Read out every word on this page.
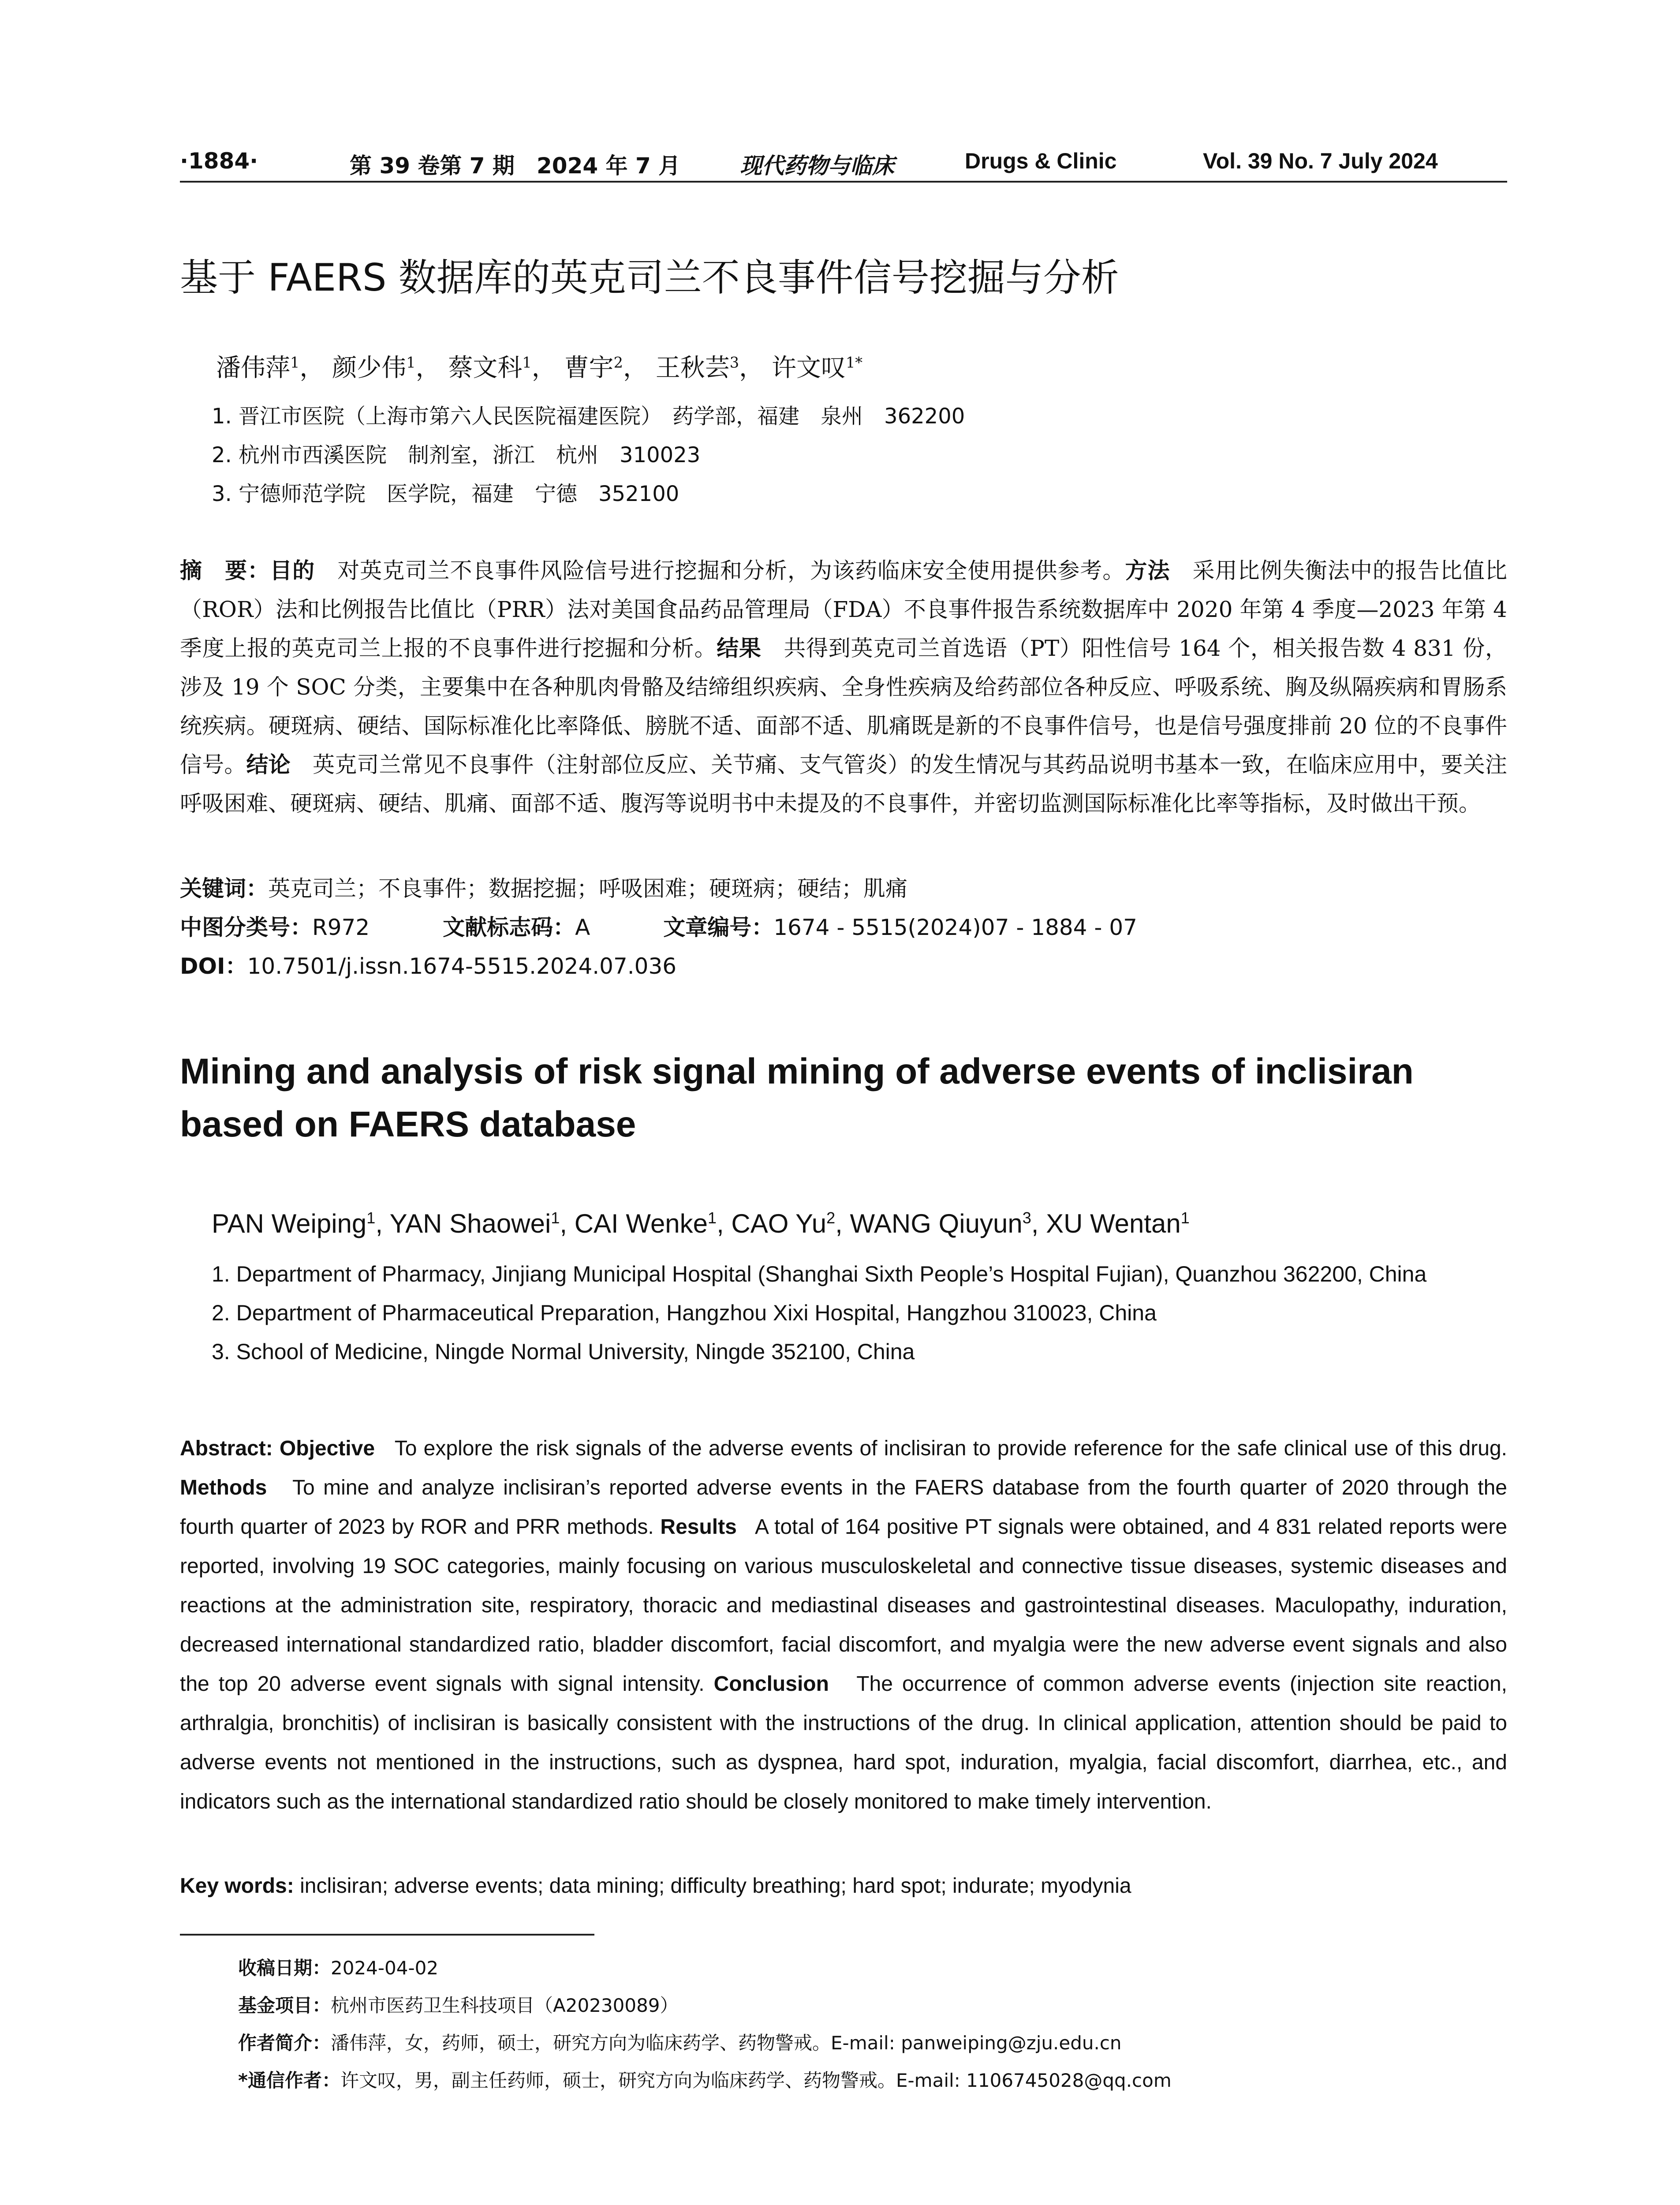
·1884·	第 39 卷第 7 期　2024 年 7 月	现代药物与临床	Drugs & Clinic	Vol. 39 No. 7 July 2024
基于 FAERS 数据库的英克司兰不良事件信号挖掘与分析
潘伟萍$^1$， 颜少伟$^1$， 蔡文科$^1$， 曹宇$^2$， 王秋芸$^3$， 许文叹$^{1*}$
1. 晋江市医院（上海市第六人民医院福建医院）　药学部，福建　泉州　362200
2. 杭州市西溪医院　制剂室，浙江　杭州　310023
3. 宁德师范学院　医学院，福建　宁德　352100
摘　要：目的　 对英克司兰不良事件风险信号进行挖掘和分析，为该药临床安全使用提供参考。方法　 采用比例失衡法中的报告比值比（ROR）法和比例报告比值比（PRR）法对美国食品药品管理局（FDA）不良事件报告系统数据库中 2020 年第 4 季度—2023 年第 4 季度上报的英克司兰上报的不良事件进行挖掘和分析。结果　 共得到英克司兰首选语（PT）阳性信号 164 个，相关报告数 4 831 份，涉及 19 个 SOC 分类，主要集中在各种肌肉骨骼及结缔组织疾病、全身性疾病及给药部位各种反应、呼吸系统、胸及纵隔疾病和胃肠系统疾病。硬斑病、硬结、国际标准化比率降低、膀胱不适、面部不适、肌痛既是新的不良事件信号，也是信号强度排前 20 位的不良事件信号。结论　 英克司兰常见不良事件（注射部位反应、关节痛、支气管炎）的发生情况与其药品说明书基本一致，在临床应用中，要关注呼吸困难、硬斑病、硬结、肌痛、面部不适、腹泻等说明书中未提及的不良事件，并密切监测国际标准化比率等指标，及时做出干预。
关键词：英克司兰；不良事件；数据挖掘；呼吸困难；硬斑病；硬结；肌痛
中图分类号：R972	文献标志码：A	文章编号：1674 - 5515(2024)07 - 1884 - 07
DOI：10.7501/j.issn.1674-5515.2024.07.036
Mining and analysis of risk signal mining of adverse events of inclisiran based on FAERS database
PAN Weiping$^1$, YAN Shaowei$^1$, CAI Wenke$^1$, CAO Yu$^2$, WANG Qiuyun$^3$, XU Wentan$^1$
1. Department of Pharmacy, Jinjiang Municipal Hospital (Shanghai Sixth People’s Hospital Fujian), Quanzhou 362200, China
2. Department of Pharmaceutical Preparation, Hangzhou Xixi Hospital, Hangzhou 310023, China
3. School of Medicine, Ningde Normal University, Ningde 352100, China
Abstract: Objective To explore the risk signals of the adverse events of inclisiran to provide reference for the safe clinical use of this drug. Methods To mine and analyze inclisiran’s reported adverse events in the FAERS database from the fourth quarter of 2020 through the fourth quarter of 2023 by ROR and PRR methods. Results A total of 164 positive PT signals were obtained, and 4 831 related reports were reported, involving 19 SOC categories, mainly focusing on various musculoskeletal and connective tissue diseases, systemic diseases and reactions at the administration site, respiratory, thoracic and mediastinal diseases and gastrointestinal diseases. Maculopathy, induration, decreased international standardized ratio, bladder discomfort, facial discomfort, and myalgia were the new adverse event signals and also the top 20 adverse event signals with signal intensity. Conclusion The occurrence of common adverse events (injection site reaction, arthralgia, bronchitis) of inclisiran is basically consistent with the instructions of the drug. In clinical application, attention should be paid to adverse events not mentioned in the instructions, such as dyspnea, hard spot, induration, myalgia, facial discomfort, diarrhea, etc., and indicators such as the international standardized ratio should be closely monitored to make timely intervention.
Key words: inclisiran; adverse events; data mining; difficulty breathing; hard spot; indurate; myodynia
收稿日期：2024-04-02
基金项目：杭州市医药卫生科技项目（A20230089）
作者简介：潘伟萍，女，药师，硕士，研究方向为临床药学、药物警戒。E-mail: panweiping@zju.edu.cn
*通信作者：许文叹，男，副主任药师，硕士，研究方向为临床药学、药物警戒。E-mail: 1106745028@qq.com
